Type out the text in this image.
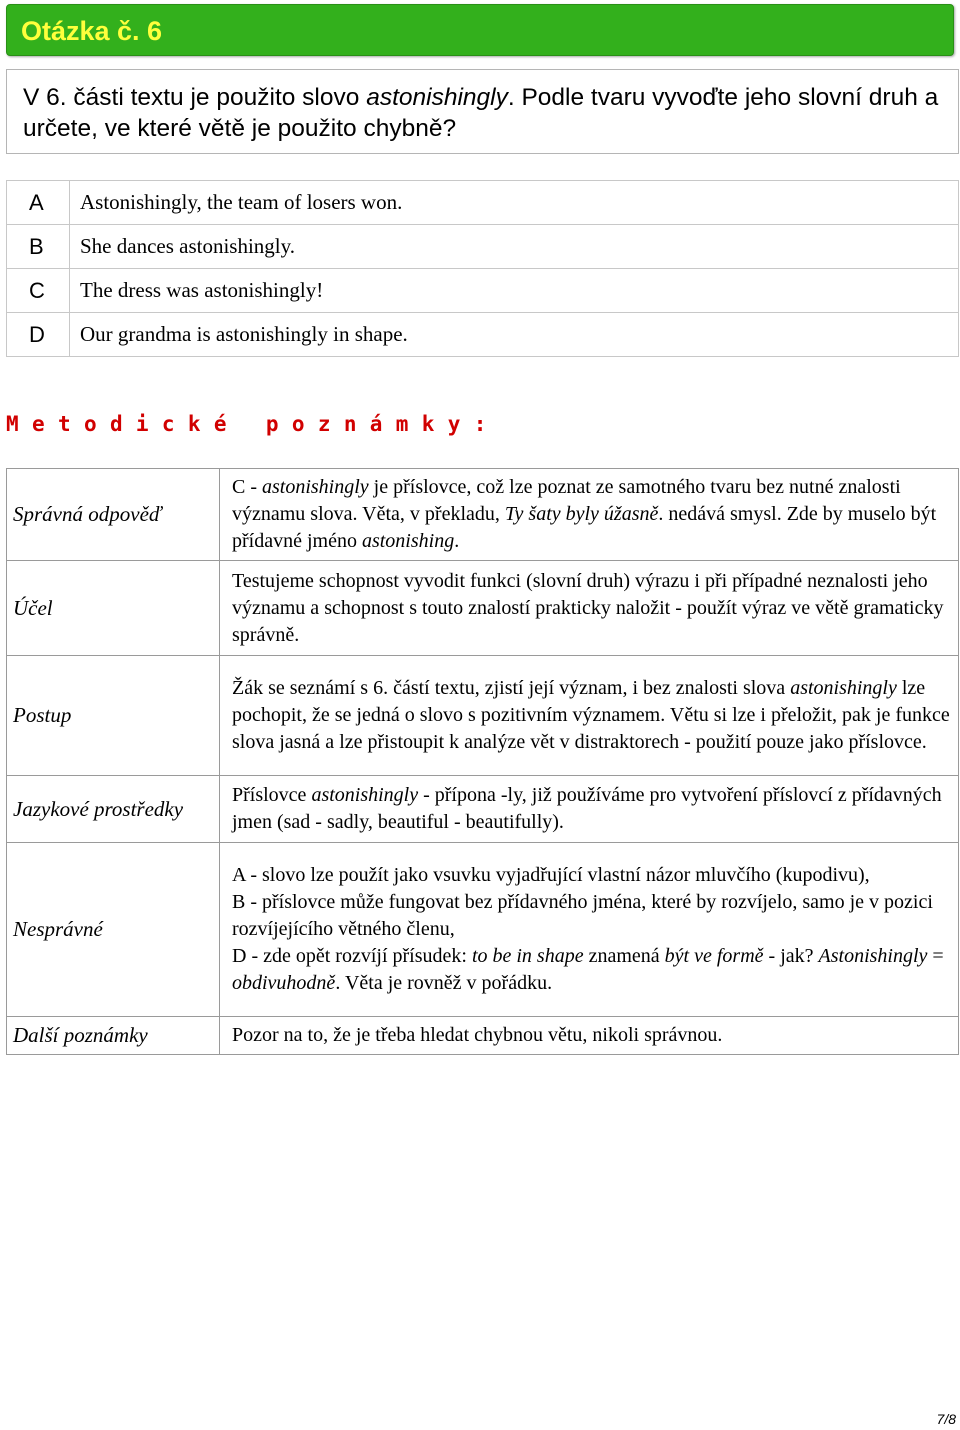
Otázka č. 6
V 6. části textu je použito slovo astonishingly. Podle tvaru vyvoďte jeho slovní druh a určete, ve které větě je použito chybně?
A	Astonishingly, the team of losers won.
B	She dances astonishingly.
C	The dress was astonishingly!
D	Our grandma is astonishingly in shape.
M e t o d i c k é   p o z n á m k y :
Správná odpověď	C - astonishingly je příslovce, což lze poznat ze samotného tvaru bez nutné znalosti významu slova. Věta, v překladu, Ty šaty byly úžasně. nedává smysl. Zde by muselo být přídavné jméno astonishing.
Účel	Testujeme schopnost vyvodit funkci (slovní druh) výrazu i při případné neznalosti jeho významu a schopnost s touto znalostí prakticky naložit - použít výraz ve větě gramaticky správně.
Postup	Žák se seznámí s 6. částí textu, zjistí její význam, i bez znalosti slova astonishingly lze pochopit, že se jedná o slovo s pozitivním významem. Větu si lze i přeložit, pak je funkce slova jasná a lze přistoupit k analýze vět v distraktorech - použití pouze jako příslovce.
Jazykové prostředky	Příslovce astonishingly - přípona -ly, již používáme pro vytvoření příslovcí z přídavných jmen (sad - sadly, beautiful - beautifully).
Nesprávné	A - slovo lze použít jako vsuvku vyjadřující vlastní názor mluvčího (kupodivu),
B - příslovce může fungovat bez přídavného jména, které by rozvíjelo, samo je v pozici rozvíjejícího větného členu,
D - zde opět rozvíjí přísudek: to be in shape znamená být ve formě - jak? Astonishingly = obdivuhodně. Věta je rovněž v pořádku.

Další poznámky	Pozor na to, že je třeba hledat chybnou větu, nikoli správnou.
7/8
